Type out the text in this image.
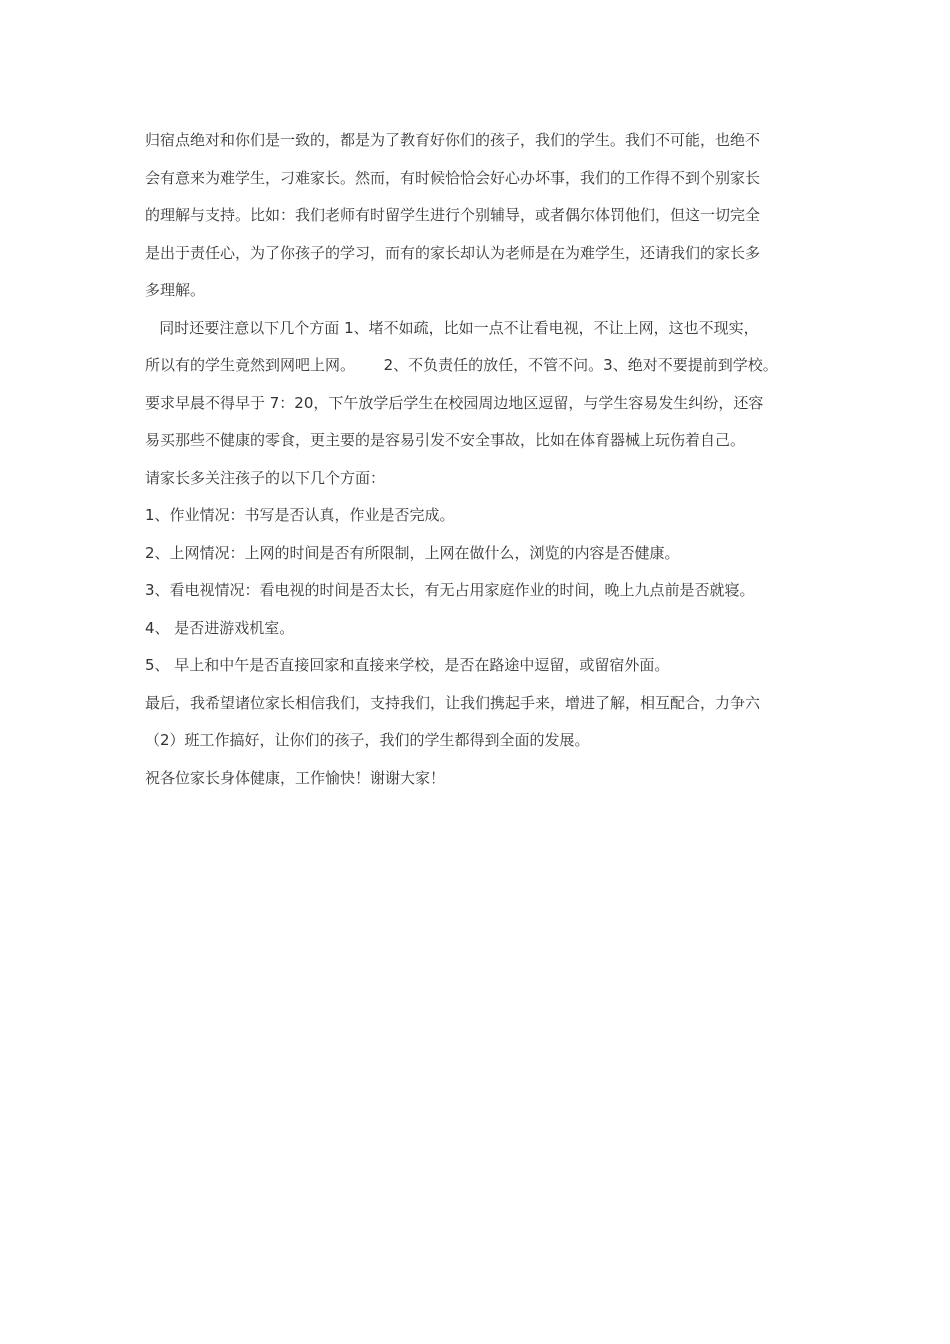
归宿点绝对和你们是一致的，都是为了教育好你们的孩子，我们的学生。我们不可能，也绝不
会有意来为难学生，刁难家长。然而，有时候恰恰会好心办坏事，我们的工作得不到个别家长
的理解与支持。比如：我们老师有时留学生进行个别辅导，或者偶尔体罚他们，但这一切完全
是出于责任心，为了你孩子的学习，而有的家长却认为老师是在为难学生，还请我们的家长多
多理解。
同时还要注意以下几个方面 1、堵不如疏，比如一点不让看电视，不让上网，这也不现实，
所以有的学生竟然到网吧上网。      2、不负责任的放任，不管不问。3、绝对不要提前到学校。
要求早晨不得早于 7：20，下午放学后学生在校园周边地区逗留，与学生容易发生纠纷，还容
易买那些不健康的零食，更主要的是容易引发不安全事故，比如在体育器械上玩伤着自己。
请家长多关注孩子的以下几个方面：
1、作业情况：书写是否认真，作业是否完成。
2、上网情况：上网的时间是否有所限制，上网在做什么，浏览的内容是否健康。
3、看电视情况：看电视的时间是否太长，有无占用家庭作业的时间，晚上九点前是否就寝。
4、 是否进游戏机室。
5、 早上和中午是否直接回家和直接来学校，是否在路途中逗留，或留宿外面。
最后，我希望诸位家长相信我们，支持我们，让我们携起手来，增进了解，相互配合，力争六
（2）班工作搞好，让你们的孩子，我们的学生都得到全面的发展。
祝各位家长身体健康，工作愉快！谢谢大家！
